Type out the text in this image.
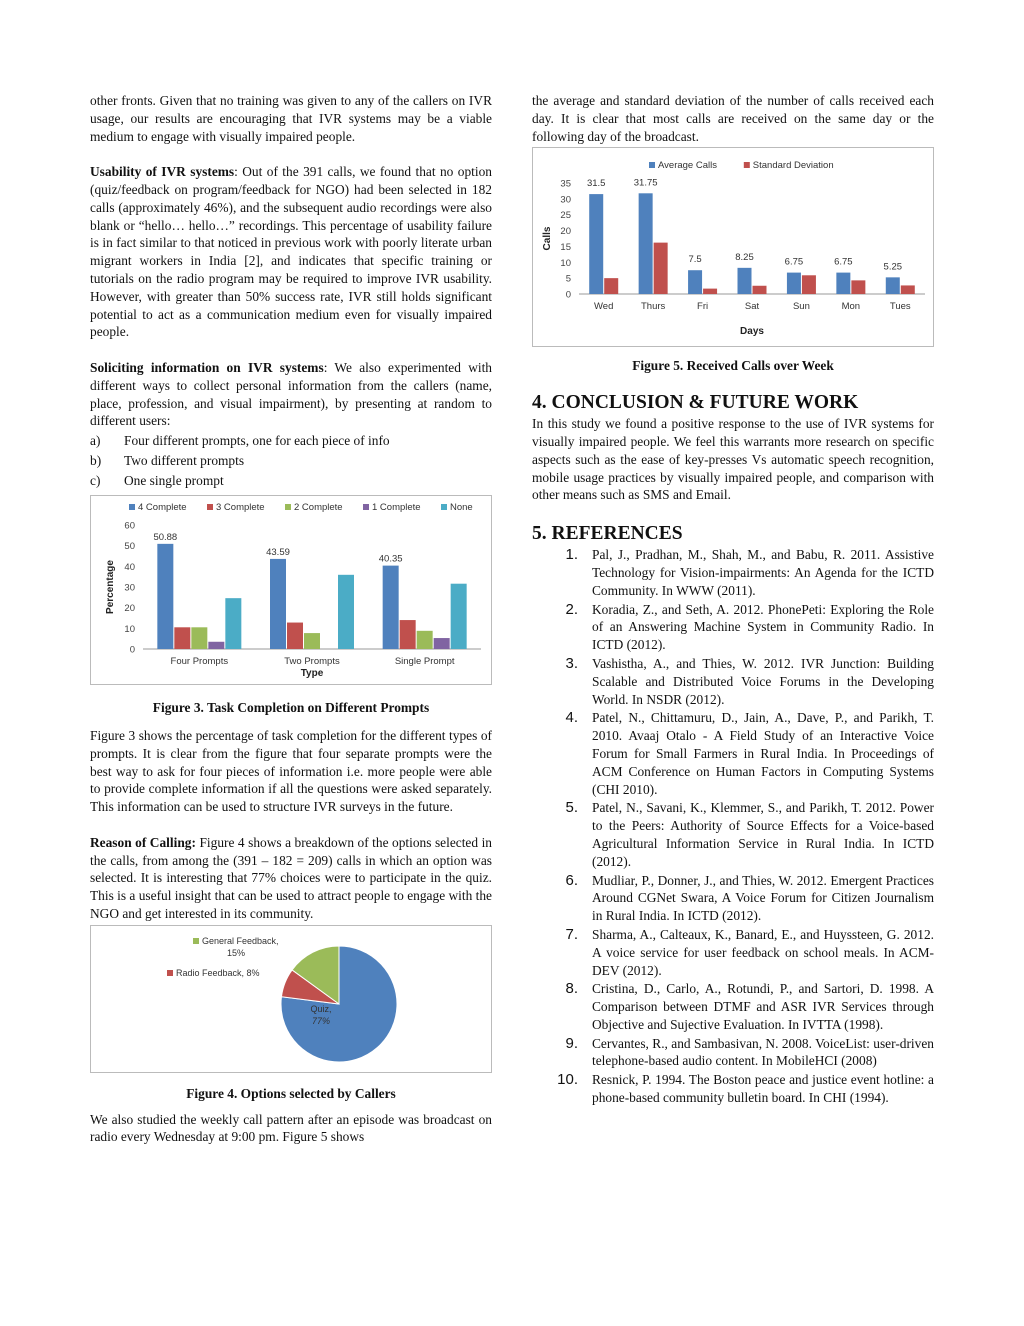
other fronts. Given that no training was given to any of the callers on IVR usage, our results are encouraging that IVR systems may be a viable medium to engage with visually impaired people.

Usability of IVR systems: Out of the 391 calls, we found that no option (quiz/feedback on program/feedback for NGO) had been selected in 182 calls (approximately 46%), and the subsequent audio recordings were also blank or “hello… hello…” recordings. This percentage of usability failure is in fact similar to that noticed in previous work with poorly literate urban migrant workers in India [2], and indicates that specific training or tutorials on the radio program may be required to improve IVR usability. However, with greater than 50% success rate, IVR still holds significant potential to act as a communication medium even for visually impaired people.

Soliciting information on IVR systems: We also experimented with different ways to collect personal information from the callers (name, place, profession, and visual impairment), by presenting at random to different users:

a)	Four different prompts, one for each piece of info
b)	Two different prompts
c)	One single prompt
0
10
20
30
40
50
60
Four Prompts
50.88
Two Prompts
43.59
Single Prompt
40.35
4 Complete	3 Complete	2 Complete	1 Complete	None
Type
Percentage

Figure 3. Task Completion on Different Prompts

Figure 3 shows the percentage of task completion for the different types of prompts. It is clear from the figure that four separate prompts were the best way to ask for four pieces of information i.e. more people were able to provide complete information if all the questions were asked separately. This information can be used to structure IVR surveys in the future.

Reason of Calling: Figure 4 shows a breakdown of the options selected in the calls, from among the (391 – 182 = 209) calls in which an option was selected. It is interesting that 77% choices were to participate in the quiz. This is a useful insight that can be used to attract people to engage with the NGO and get interested in its community.

Quiz,
77%
Radio Feedback, 8%
General Feedback,
15%

Figure 4. Options selected by Callers

We also studied the weekly call pattern after an episode was broadcast on radio every Wednesday at 9:00 pm. Figure 5 shows

the average and standard deviation of the number of calls received each day. It is clear that most calls are received on the same day or the following day of the broadcast.

0
5
10
15
20
25
30
35
Wed
31.5
Thurs
31.75
Fri
7.5
Sat
8.25
Sun
6.75
Mon
6.75
Tues
5.25
Average Calls	Standard Deviation
Days
Calls

Figure 5. Received Calls over Week

4. CONCLUSION & FUTURE WORK

In this study we found a positive response to the use of IVR systems for visually impaired people. We feel this warrants more research on specific aspects such as the ease of key-presses Vs automatic speech recognition, mobile usage practices by visually impaired people, and comparison with other means such as SMS and Email.

5. REFERENCES
1.	Pal, J., Pradhan, M., Shah, M., and Babu, R. 2011. Assistive Technology for Vision-impairments: An Agenda for the ICTD Community. In WWW (2011).
2.	Koradia, Z., and Seth, A. 2012. PhonePeti: Exploring the Role of an Answering Machine System in Community Radio. In ICTD (2012).
3.	Vashistha, A., and Thies, W. 2012. IVR Junction: Building Scalable and Distributed Voice Forums in the Developing World. In NSDR (2012).
4.	Patel, N., Chittamuru, D., Jain, A., Dave, P., and Parikh, T. 2010. Avaaj Otalo - A Field Study of an Interactive Voice Forum for Small Farmers in Rural India. In Proceedings of ACM Conference on Human Factors in Computing Systems (CHI 2010).
5.	Patel, N., Savani, K., Klemmer, S., and Parikh, T. 2012. Power to the Peers: Authority of Source Effects for a Voice-based Agricultural Information Service in Rural India. In ICTD (2012).
6.	Mudliar, P., Donner, J., and Thies, W. 2012. Emergent Practices Around CGNet Swara, A Voice Forum for Citizen Journalism in Rural India. In ICTD (2012).
7.	Sharma, A., Calteaux, K., Banard, E., and Huyssteen, G. 2012. A voice service for user feedback on school meals. In ACM-DEV (2012).
8.	Cristina, D., Carlo, A., Rotundi, P., and Sartori, D. 1998. A Comparison between DTMF and ASR IVR Services through Objective and Sujective Evaluation. In IVTTA (1998).
9.	Cervantes, R., and Sambasivan, N. 2008. VoiceList: user-driven telephone-based audio content. In MobileHCI (2008)
10.	Resnick, P. 1994. The Boston peace and justice event hotline: a phone-based community bulletin board. In CHI (1994).
